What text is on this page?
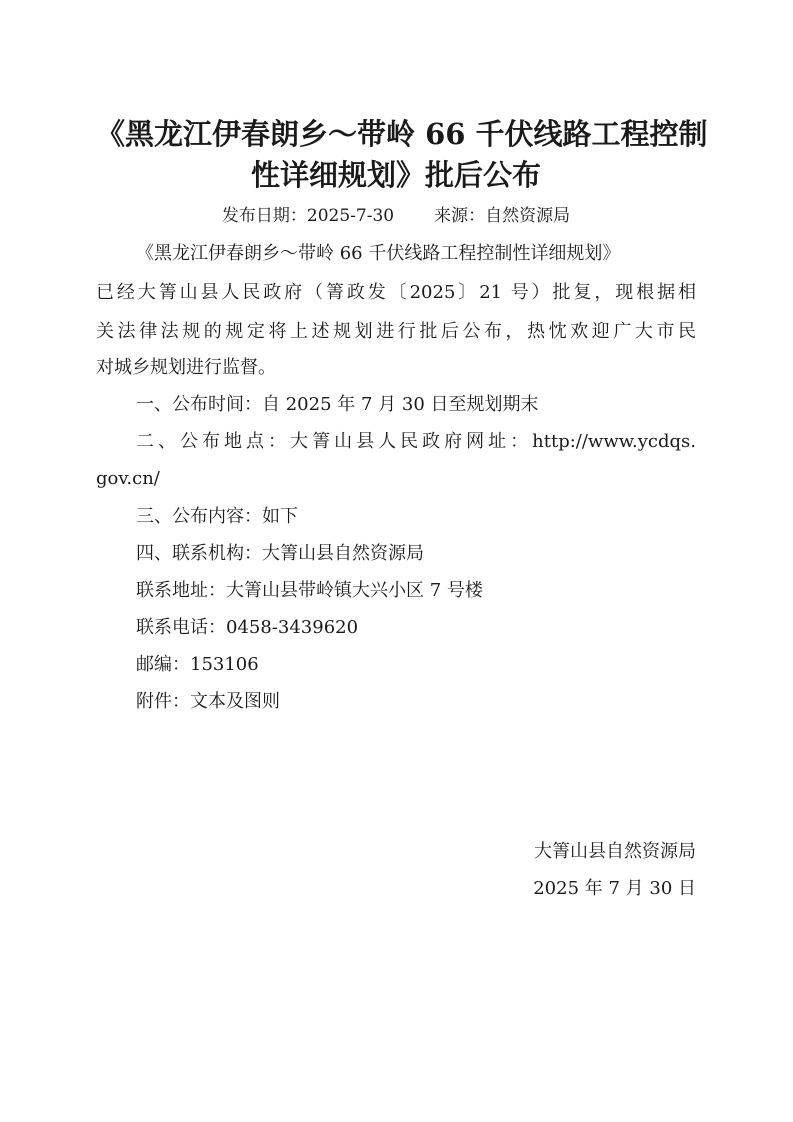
《黑龙江伊春朗乡～带岭 66 千伏线路工程控制
性详细规划》批后公布
发布日期：2025-7-30 来源：自然资源局
《黑龙江伊春朗乡～带岭 66 千伏线路工程控制性详细规划》
已经大箐山县人民政府（箐政发〔2025〕21 号）批复，现根据相
关法律法规的规定将上述规划进行批后公布，热忱欢迎广大市民
对城乡规划进行监督。
一、公布时间：自 2025 年 7 月 30 日至规划期末
二、公布地点：大箐山县人民政府网址：http://www.ycdqs.
gov.cn/
三、公布内容：如下
四、联系机构：大箐山县自然资源局
联系地址：大箐山县带岭镇大兴小区 7 号楼
联系电话：0458-3439620
邮编：153106
附件：文本及图则
大箐山县自然资源局
2025 年 7 月 30 日
